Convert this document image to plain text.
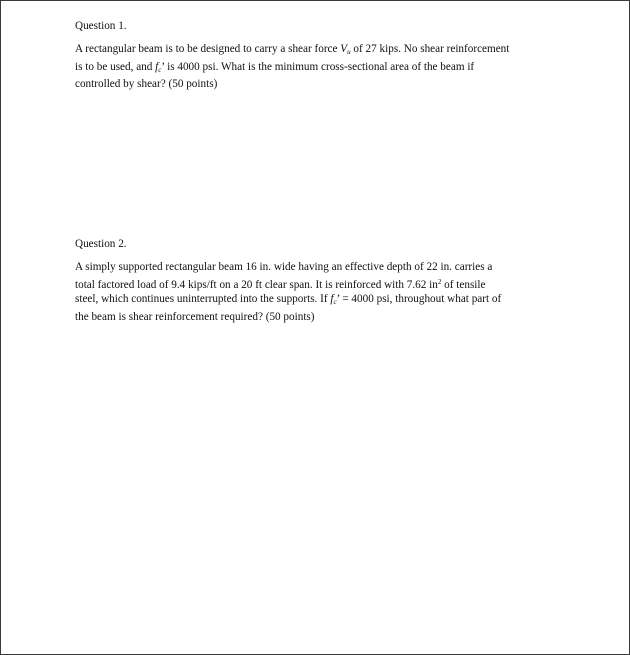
Question 1.
A rectangular beam is to be designed to carry a shear force Vu of 27 kips. No shear reinforcement
is to be used, and fc’ is 4000 psi. What is the minimum cross-sectional area of the beam if
controlled by shear? (50 points)
Question 2.
A simply supported rectangular beam 16 in. wide having an effective depth of 22 in. carries a
total factored load of 9.4 kips/ft on a 20 ft clear span. It is reinforced with 7.62 $in^2$ of tensile
steel, which continues uninterrupted into the supports. If fc’ = 4000 psi, throughout what part of
the beam is shear reinforcement required? (50 points)
